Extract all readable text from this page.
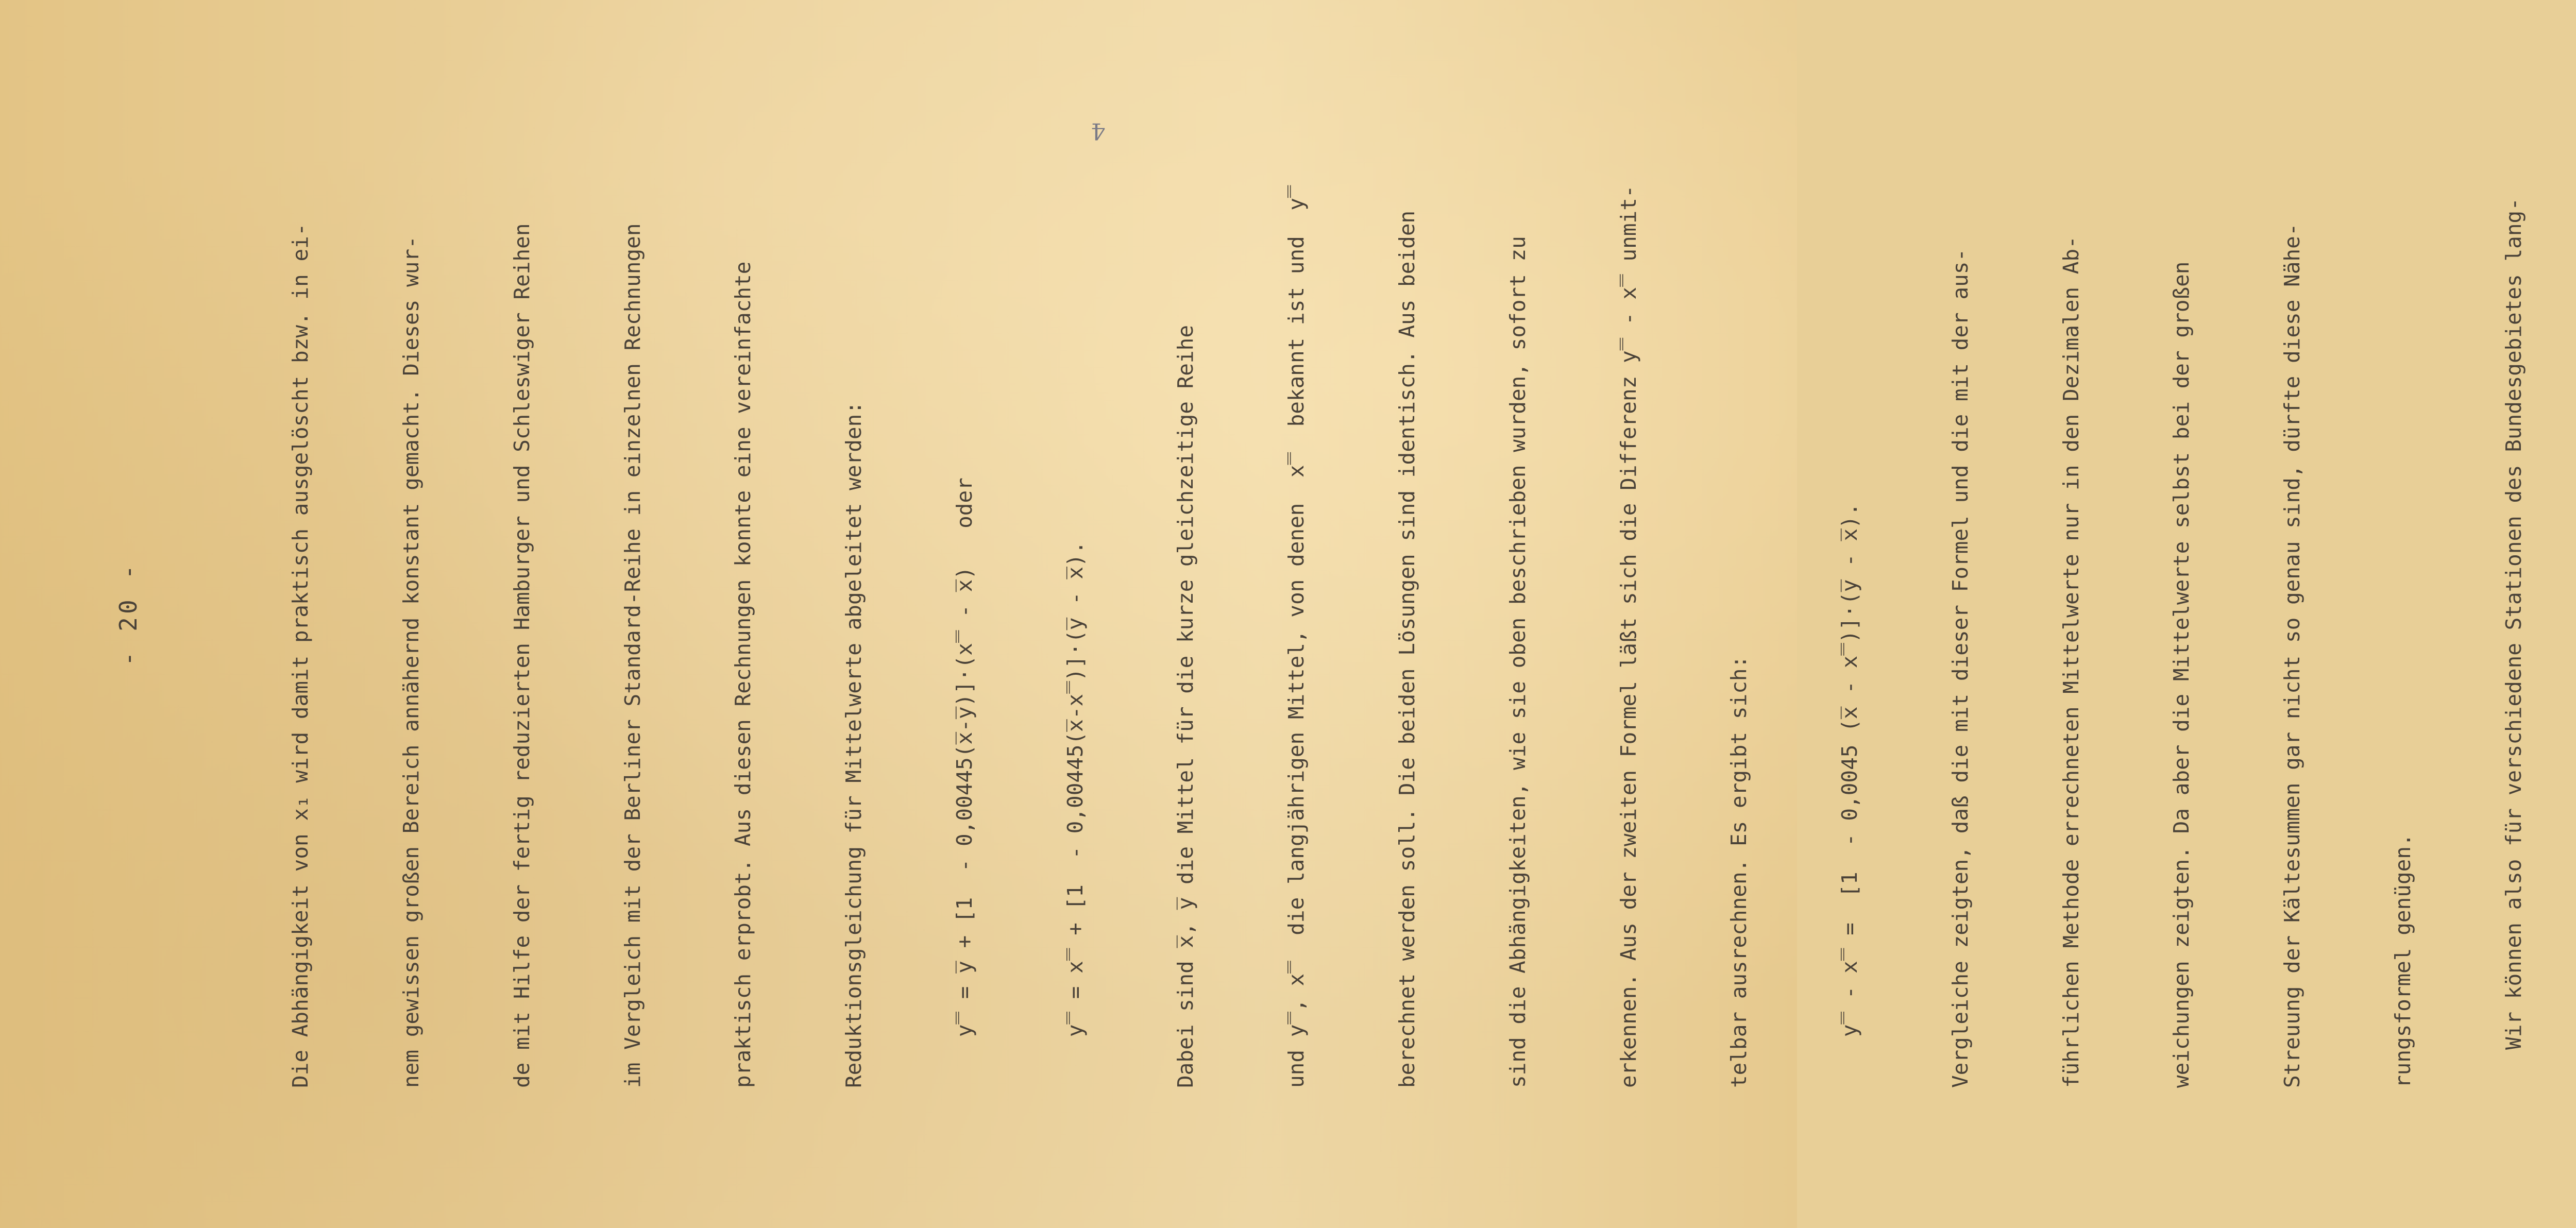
- 20 -

	Die Abhängigkeit von x₁ wird damit praktisch ausgelöscht bzw. in ei-

	nem gewissen großen Bereich annähernd konstant gemacht. Dieses wur-

	de mit Hilfe der fertig reduzierten Hamburger und Schleswiger Reihen

	im Vergleich mit der Berliner Standard-Reihe in einzelnen Rechnungen

	praktisch erprobt. Aus diesen Rechnungen konnte eine vereinfachte

	Reduktionsgleichung für Mittelwerte abgeleitet werden:

	y̿ = y̅ + [1  - 0,00445(x̅-y̅)]·(x̿ - x̅)   oder

	y̿ = x̿ + [1  - 0,00445(x̅-x̿)]·(y̅ - x̅).

	Dabei sind x̅, y̅ die Mittel für die kurze gleichzeitige Reihe

	und y̿, x̿  die langjährigen Mittel, von denen  x̿  bekannt ist und  y̿

	berechnet werden soll. Die beiden Lösungen sind identisch. Aus beiden

	sind die Abhängigkeiten, wie sie oben beschrieben wurden, sofort zu

	erkennen. Aus der zweiten Formel läßt sich die Differenz y̿ - x̿ unmit-

	telbar ausrechnen. Es ergibt sich:

	y̿ - x̿ =  [1  - 0,0045 (x̅ - x̿)]·(y̅ - x̅).

	Vergleiche zeigten, daß die mit dieser Formel und die mit der aus-

	führlichen Methode errechneten Mittelwerte nur in den Dezimalen Ab-

	weichungen zeigten. Da aber die Mittelwerte selbst bei der großen

	Streuung der Kältesummen gar nicht so genau sind, dürfte diese Nähe-

	rungsformel genügen.

	Wir können also für verschiedene Stationen des Bundesgebietes lang-

4
